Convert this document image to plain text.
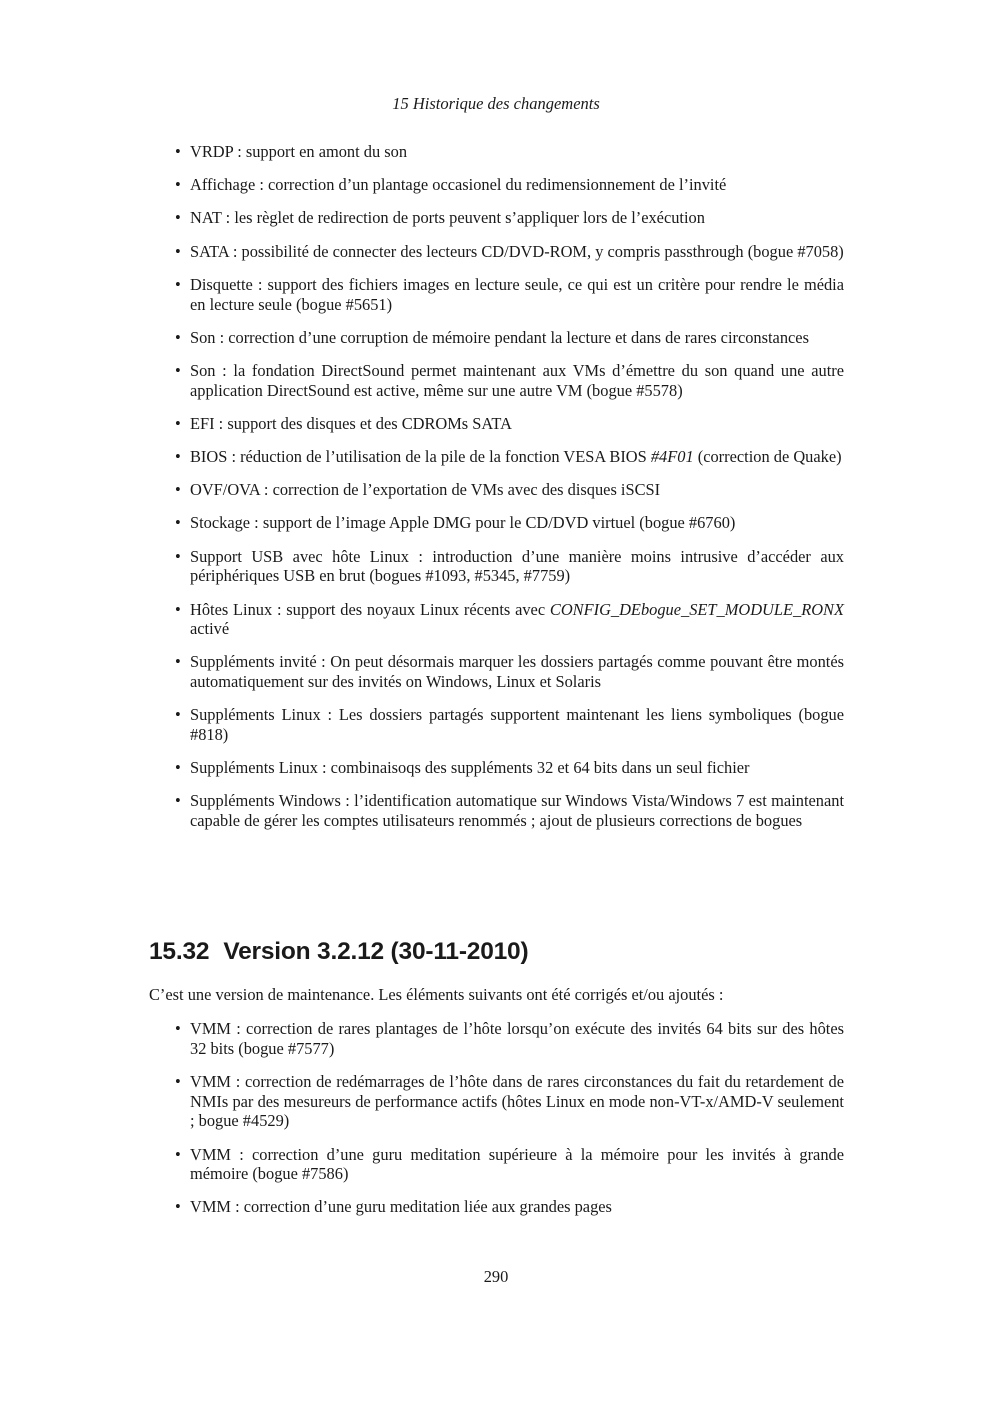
15 Historique des changements
• VRDP : support en amont du son
• Affichage : correction d’un plantage occasionel du redimensionnement de l’invité
• NAT : les règlet de redirection de ports peuvent s’appliquer lors de l’exécution
• SATA : possibilité de connecter des lecteurs CD/DVD-ROM, y compris passthrough (bogue #7058)
• Disquette : support des fichiers images en lecture seule, ce qui est un critère pour rendre le média en lecture seule (bogue #5651)
• Son : correction d’une corruption de mémoire pendant la lecture et dans de rares circonstances
• Son : la fondation DirectSound permet maintenant aux VMs d’émettre du son quand une autre application DirectSound est active, même sur une autre VM (bogue #5578)
• EFI : support des disques et des CDROMs SATA
• BIOS : réduction de l’utilisation de la pile de la fonction VESA BIOS #4F01 (correction de Quake)
• OVF/OVA : correction de l’exportation de VMs avec des disques iSCSI
• Stockage : support de l’image Apple DMG pour le CD/DVD virtuel (bogue #6760)
• Support USB avec hôte Linux : introduction d’une manière moins intrusive d’accéder aux périphériques USB en brut (bogues #1093, #5345, #7759)
• Hôtes Linux : support des noyaux Linux récents avec CONFIG_DEbogue_SET_MODULE_RONX activé
• Suppléments invité : On peut désormais marquer les dossiers partagés comme pouvant être montés automatiquement sur des invités on Windows, Linux et Solaris
• Suppléments Linux : Les dossiers partagés supportent maintenant les liens symboliques (bogue #818)
• Suppléments Linux : combinaisoqs des suppléments 32 et 64 bits dans un seul fichier
• Suppléments Windows : l’identification automatique sur Windows Vista/Windows 7 est maintenant capable de gérer les comptes utilisateurs renommés ; ajout de plusieurs corrections de bogues
15.32 Version 3.2.12 (30-11-2010)

C’est une version de maintenance. Les éléments suivants ont été corrigés et/ou ajoutés :

• VMM : correction de rares plantages de l’hôte lorsqu’on exécute des invités 64 bits sur des hôtes 32 bits (bogue #7577)
• VMM : correction de redémarrages de l’hôte dans de rares circonstances du fait du retardement de NMIs par des mesureurs de performance actifs (hôtes Linux en mode non-VT-x/AMD-V seulement ; bogue #4529)
• VMM : correction d’une guru meditation supérieure à la mémoire pour les invités à grande mémoire (bogue #7586)
• VMM : correction d’une guru meditation liée aux grandes pages
290
